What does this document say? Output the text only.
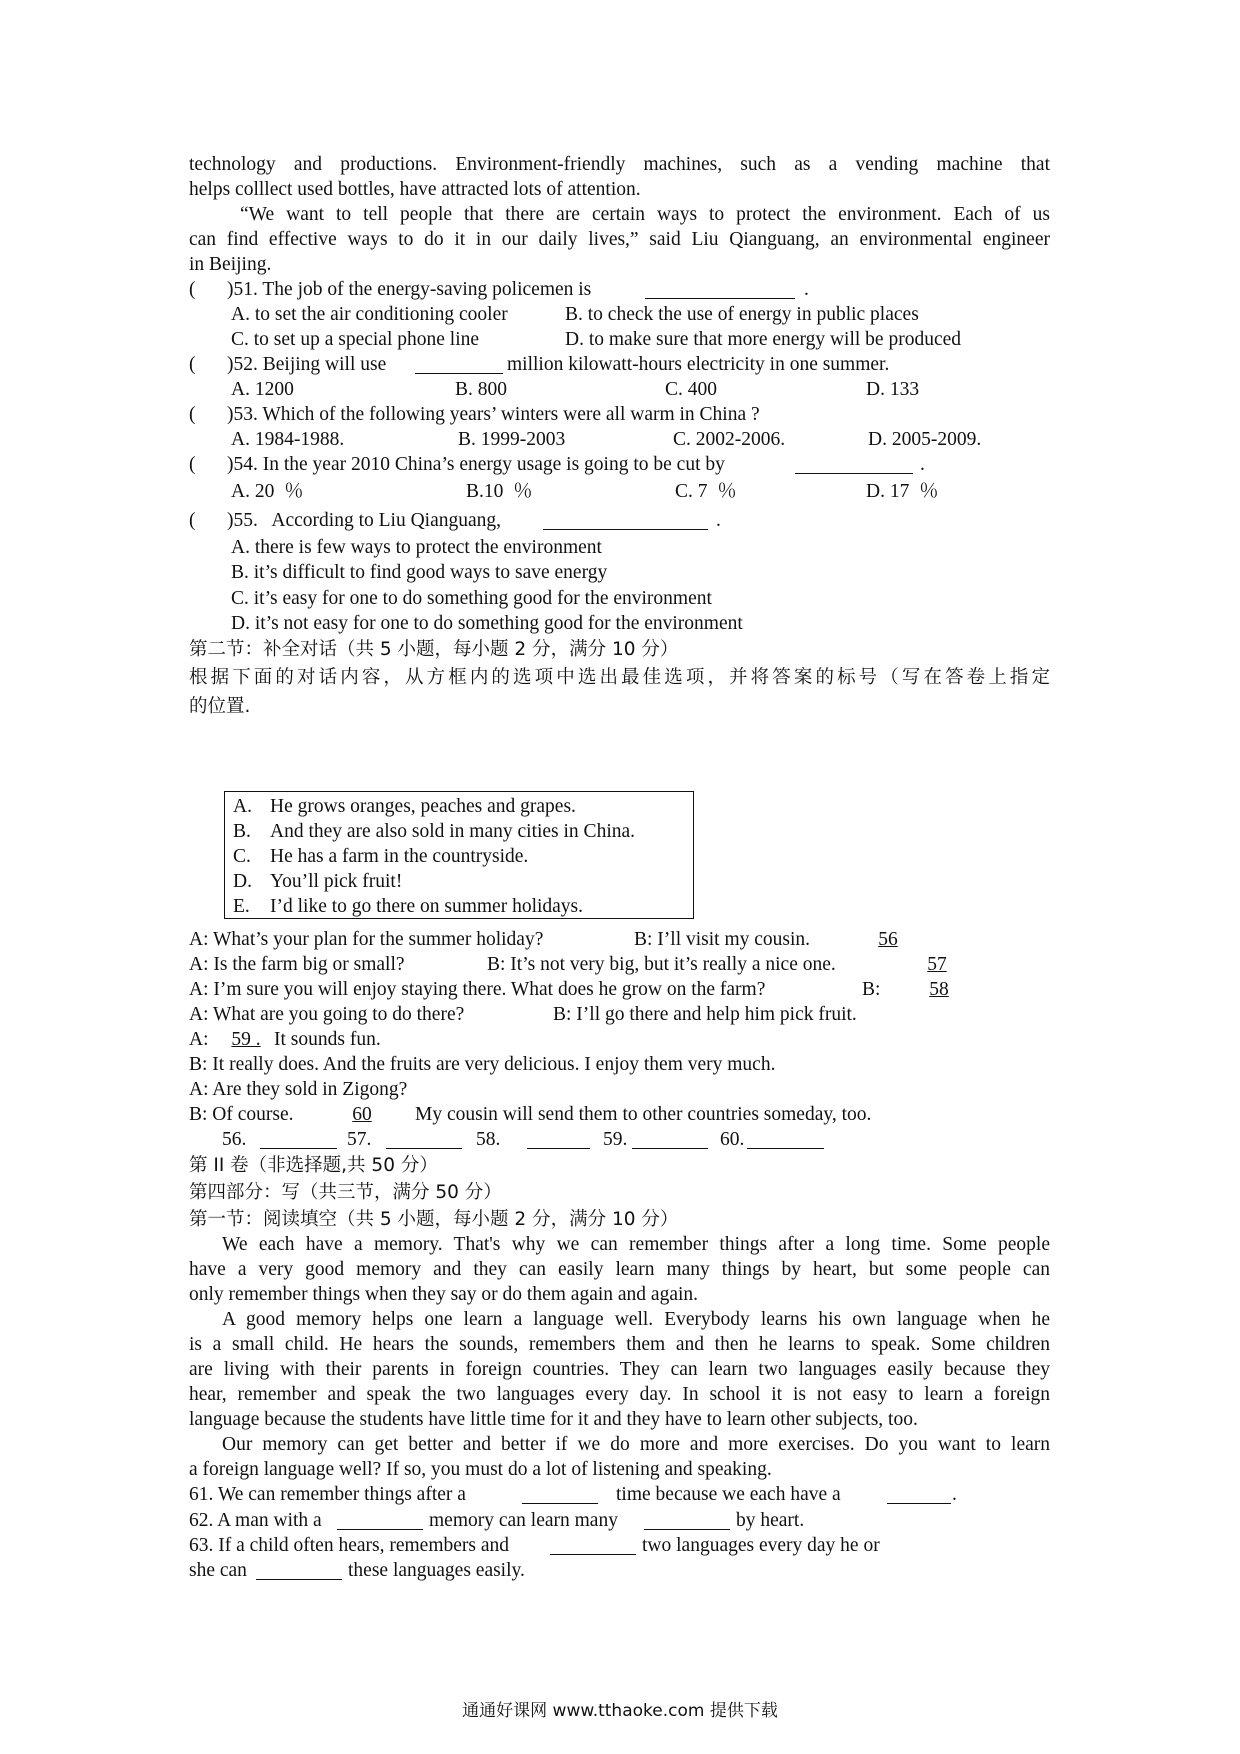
technology and productions. Environment-friendly machines, such as a vending machine that
helps colllect used bottles, have attracted lots of attention.
“We want to tell people that there are certain ways to protect the environment. Each of us
can find effective ways to do it in our daily lives,” said Liu Qianguang, an environmental engineer
in Beijing.
( )51. The job of the energy-saving policemen is	.
A. to set the air conditioning cooler	B. to check the use of energy in public places
C. to set up a special phone line	D. to make sure that more energy will be produced
( )52. Beijing will use	million kilowatt-hours electricity in one summer.
A. 1200	B. 800	C. 400	D. 133
( )53. Which of the following years’ winters were all warm in China ?
A. 1984-1988.	B. 1999-2003	C. 2002-2006.	D. 2005-2009.
( )54. In the year 2010 China’s energy usage is going to be cut by	.
A. 20  ％	B.10  ％	C. 7  ％	D. 17  ％
( )55.   According to Liu Qianguang,	.
A. there is few ways to protect the environment
B. it’s difficult to find good ways to save energy
C. it’s easy for one to do something good for the environment
D. it’s not easy for one to do something good for the environment
第二节：补全对话（共 5 小题，每小题 2 分，满分 10 分）
根据下面的对话内容，从方框内的选项中选出最佳选项，并将答案的标号（写在答卷上指定
的位置.
A. He grows oranges, peaches and grapes.
B. And they are also sold in many cities in China.
C. He has a farm in the countryside.
D. You’ll pick fruit!
E. I’d like to go there on summer holidays.
A: What’s your plan for the summer holiday?	B: I’ll visit my cousin.	56
A: Is the farm big or small?	B: It’s not very big, but it’s really a nice one.	57
A: I’m sure you will enjoy staying there. What does he grow on the farm?	B:	58
A: What are you going to do there?	B: I’ll go there and help him pick fruit.
A:	59 . It sounds fun.
B: It really does. And the fruits are very delicious. I enjoy them very much.
A: Are they sold in Zigong?
B: Of course.	60	My cousin will send them to other countries someday, too.
56.	57.	58.	59.	60.
第 II 卷（非选择题,共 50 分）
第四部分：写（共三节，满分 50 分）
第一节：阅读填空（共 5 小题，每小题 2 分，满分 10 分）
We each have a memory. That's why we can remember things after a long time. Some people
have a very good memory and they can easily learn many things by heart, but some people can
only remember things when they say or do them again and again.
A good memory helps one learn a language well. Everybody learns his own language when he
is a small child. He hears the sounds, remembers them and then he learns to speak. Some children
are living with their parents in foreign countries. They can learn two languages easily because they
hear, remember and speak the two languages every day. In school it is not easy to learn a foreign
language because the students have little time for it and they have to learn other subjects, too.
Our memory can get better and better if we do more and more exercises. Do you want to learn
a foreign language well? If so, you must do a lot of listening and speaking.
61. We can remember things after a	time because we each have a	.
62. A man with a	memory can learn many	by heart.
63. If a child often hears, remembers and	two languages every day he or
she can	these languages easily.
通通好课网 www.tthaoke.com 提供下载
